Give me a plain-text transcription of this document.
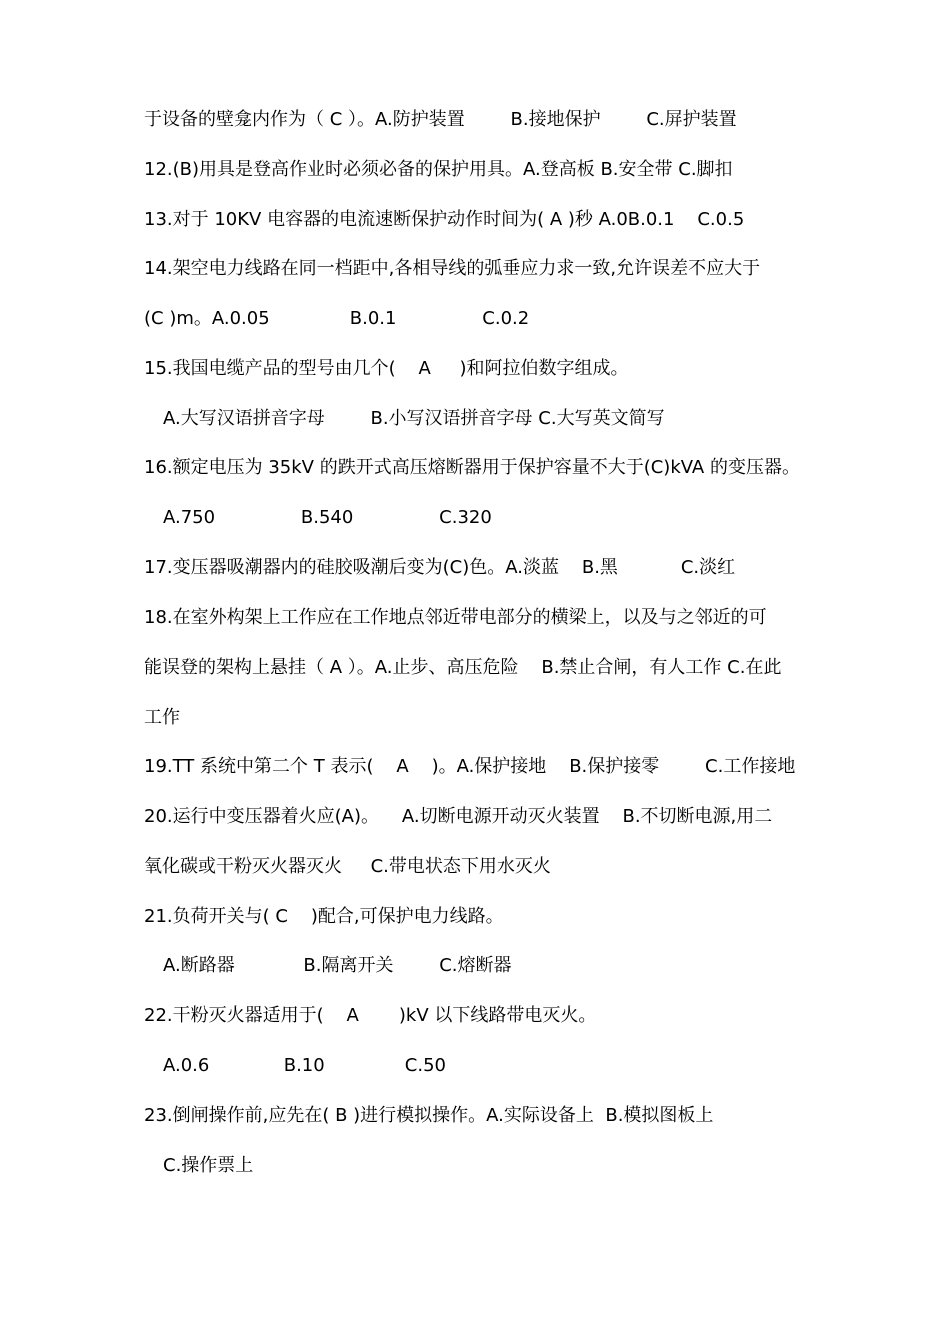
于设备的壁龛内作为（ C ）。A.防护装置        B.接地保护        C.屏护装置
12.(B)用具是登高作业时必须必备的保护用具。A.登高板 B.安全带 C.脚扣
13.对于 10KV 电容器的电流速断保护动作时间为( A )秒 A.0B.0.1    C.0.5
14.架空电力线路在同一档距中,各相导线的弧垂应力求一致,允许误差不应大于
(C )m。A.0.05              B.0.1               C.0.2
15.我国电缆产品的型号由几个(    A     )和阿拉伯数字组成。
A.大写汉语拼音字母        B.小写汉语拼音字母 C.大写英文简写
16.额定电压为 35kV 的跌开式高压熔断器用于保护容量不大于(C)kVA 的变压器。
A.750               B.540               C.320
17.变压器吸潮器内的硅胶吸潮后变为(C)色。A.淡蓝    B.黑           C.淡红
18.在室外构架上工作应在工作地点邻近带电部分的横梁上，以及与之邻近的可
能误登的架构上悬挂（ A ）。A.止步、高压危险    B.禁止合闸，有人工作 C.在此
工作
19.TT 系统中第二个 T 表示(    A    )。A.保护接地    B.保护接零        C.工作接地
20.运行中变压器着火应(A)。    A.切断电源开动灭火装置    B.不切断电源,用二
氧化碳或干粉灭火器灭火     C.带电状态下用水灭火
21.负荷开关与( C    )配合,可保护电力线路。
A.断路器            B.隔离开关        C.熔断器
22.干粉灭火器适用于(    A       )kV 以下线路带电灭火。
A.0.6             B.10              C.50
23.倒闸操作前,应先在( B )进行模拟操作。A.实际设备上  B.模拟图板上
C.操作票上
